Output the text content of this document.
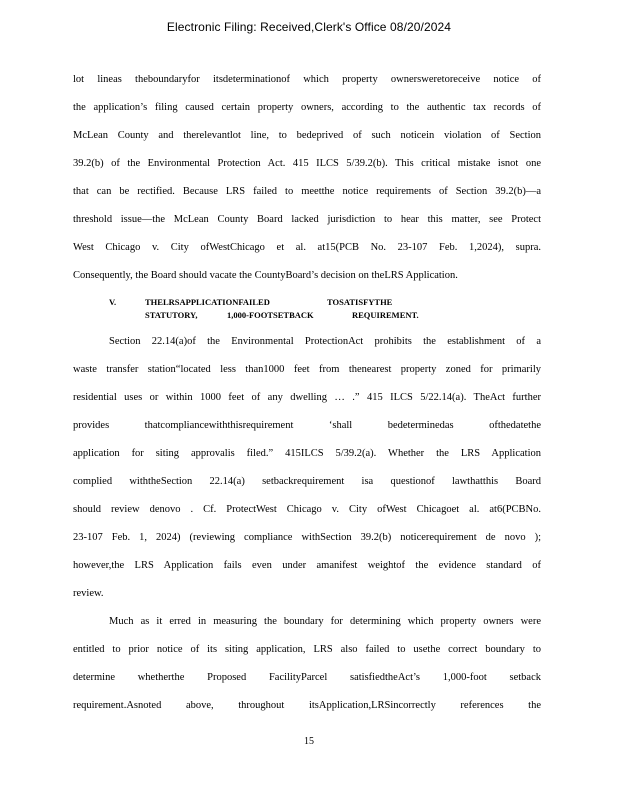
Electronic Filing: Received,Clerk's Office 08/20/2024
lot lineas theboundaryfor itsdeterminationof which property ownersweretoreceive notice of
the application’s filing caused certain property owners, according to the authentic tax records of
McLean County and therelevantlot line, to bedeprived of such noticein violation of Section
39.2(b) of the Environmental Protection Act. 415 ILCS 5/39.2(b). This critical mistake isnot one
that can be rectified. Because LRS failed to meetthe notice requirements of Section 39.2(b)—a
threshold issue—the McLean County Board lacked jurisdiction to hear this matter, see Protect
West Chicago v. City ofWestChicago et al. at15(PCB No. 23-107 Feb. 1,2024), supra.
Consequently, the Board should vacate the CountyBoard’s decision on theLRS Application.
V.	THELRSAPPLICATIONFAILED	TOSATISFYTHE
STATUTORY,	1,000-FOOTSETBACK	REQUIREMENT.
Section 22.14(a)of the Environmental ProtectionAct prohibits the establishment of a
waste transfer station“located less than1000 feet from thenearest property zoned for primarily
residential uses or within 1000 feet of any dwelling … .” 415 ILCS 5/22.14(a). TheAct further
provides thatcompliancewiththisrequirement ‘shall bedeterminedas ofthedatethe
application for siting approvalis filed.” 415ILCS 5/39.2(a). Whether the LRS Application
complied withtheSection 22.14(a) setbackrequirement isa questionof lawthatthis Board
should review denovo . Cf. ProtectWest Chicago v. City ofWest Chicagoet al. at6(PCBNo.
23-107 Feb. 1, 2024) (reviewing compliance withSection 39.2(b) noticerequirement de novo );
however,the LRS Application fails even under amanifest weightof the evidence standard of
review.
Much as it erred in measuring the boundary for determining which property owners were
entitled to prior notice of its siting application, LRS also failed to usethe correct boundary to
determine whetherthe Proposed FacilityParcel satisfiedtheAct’s 1,000-foot setback
requirement.Asnoted above, throughout itsApplication,LRSincorrectly references the
15
